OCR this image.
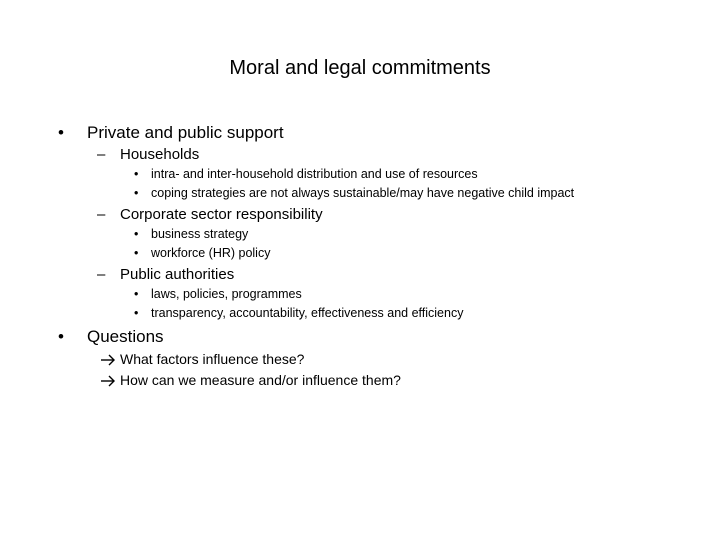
Moral and legal commitments
• Private and public support
– Households
• intra- and inter-household distribution and use of resources
• coping strategies are not always sustainable/may have negative child impact
– Corporate sector responsibility
• business strategy
• workforce (HR) policy
– Public authorities
• laws, policies, programmes
• transparency, accountability, effectiveness and efficiency
• Questions
What factors influence these?
How can we measure and/or influence them?
